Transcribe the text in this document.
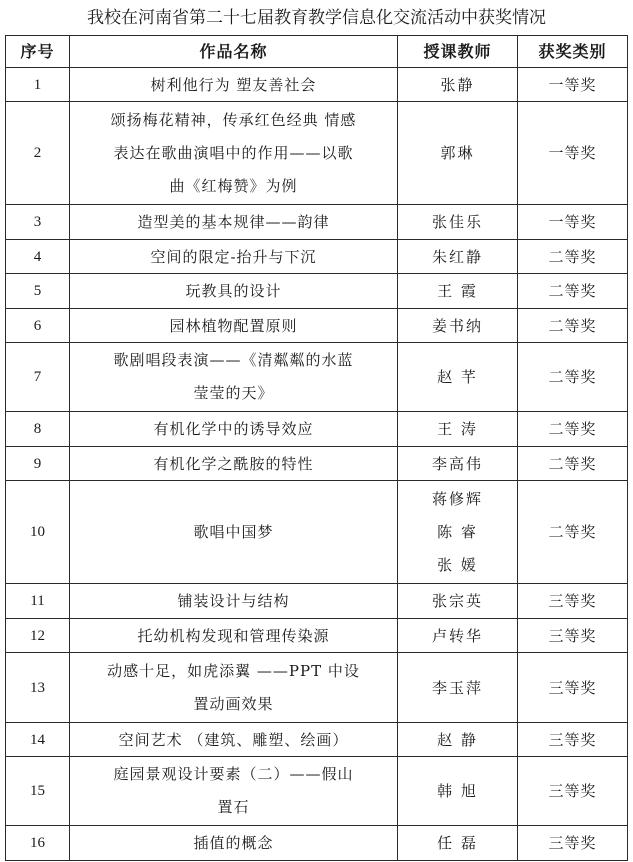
我校在河南省第二十七届教育教学信息化交流活动中获奖情况
序号	作品名称	授课教师	获奖类别
1	树利他行为 塑友善社会	张静	一等奖
2	颂扬梅花精神，传承红色经典 情感
表达在歌曲演唱中的作用——以歌
曲《红梅赞》为例	郭琳	一等奖
3	造型美的基本规律——韵律	张佳乐	一等奖
4	空间的限定-抬升与下沉	朱红静	二等奖
5	玩教具的设计	王 霞	二等奖
6	园林植物配置原则	姜书纳	二等奖
7	歌剧唱段表演——《清粼粼的水蓝
莹莹的天》	赵 芊	二等奖
8	有机化学中的诱导效应	王 涛	二等奖
9	有机化学之酰胺的特性	李高伟	二等奖
10	歌唱中国梦	蒋修辉
陈 睿
张 媛	二等奖
11	铺装设计与结构	张宗英	三等奖
12	托幼机构发现和管理传染源	卢转华	三等奖
13	动感十足，如虎添翼 ——PPT 中设
置动画效果	李玉萍	三等奖
14	空间艺术 （建筑、雕塑、绘画）	赵 静	三等奖
15	庭园景观设计要素（二）——假山
置石	韩 旭	三等奖
16	插值的概念	任 磊	三等奖
